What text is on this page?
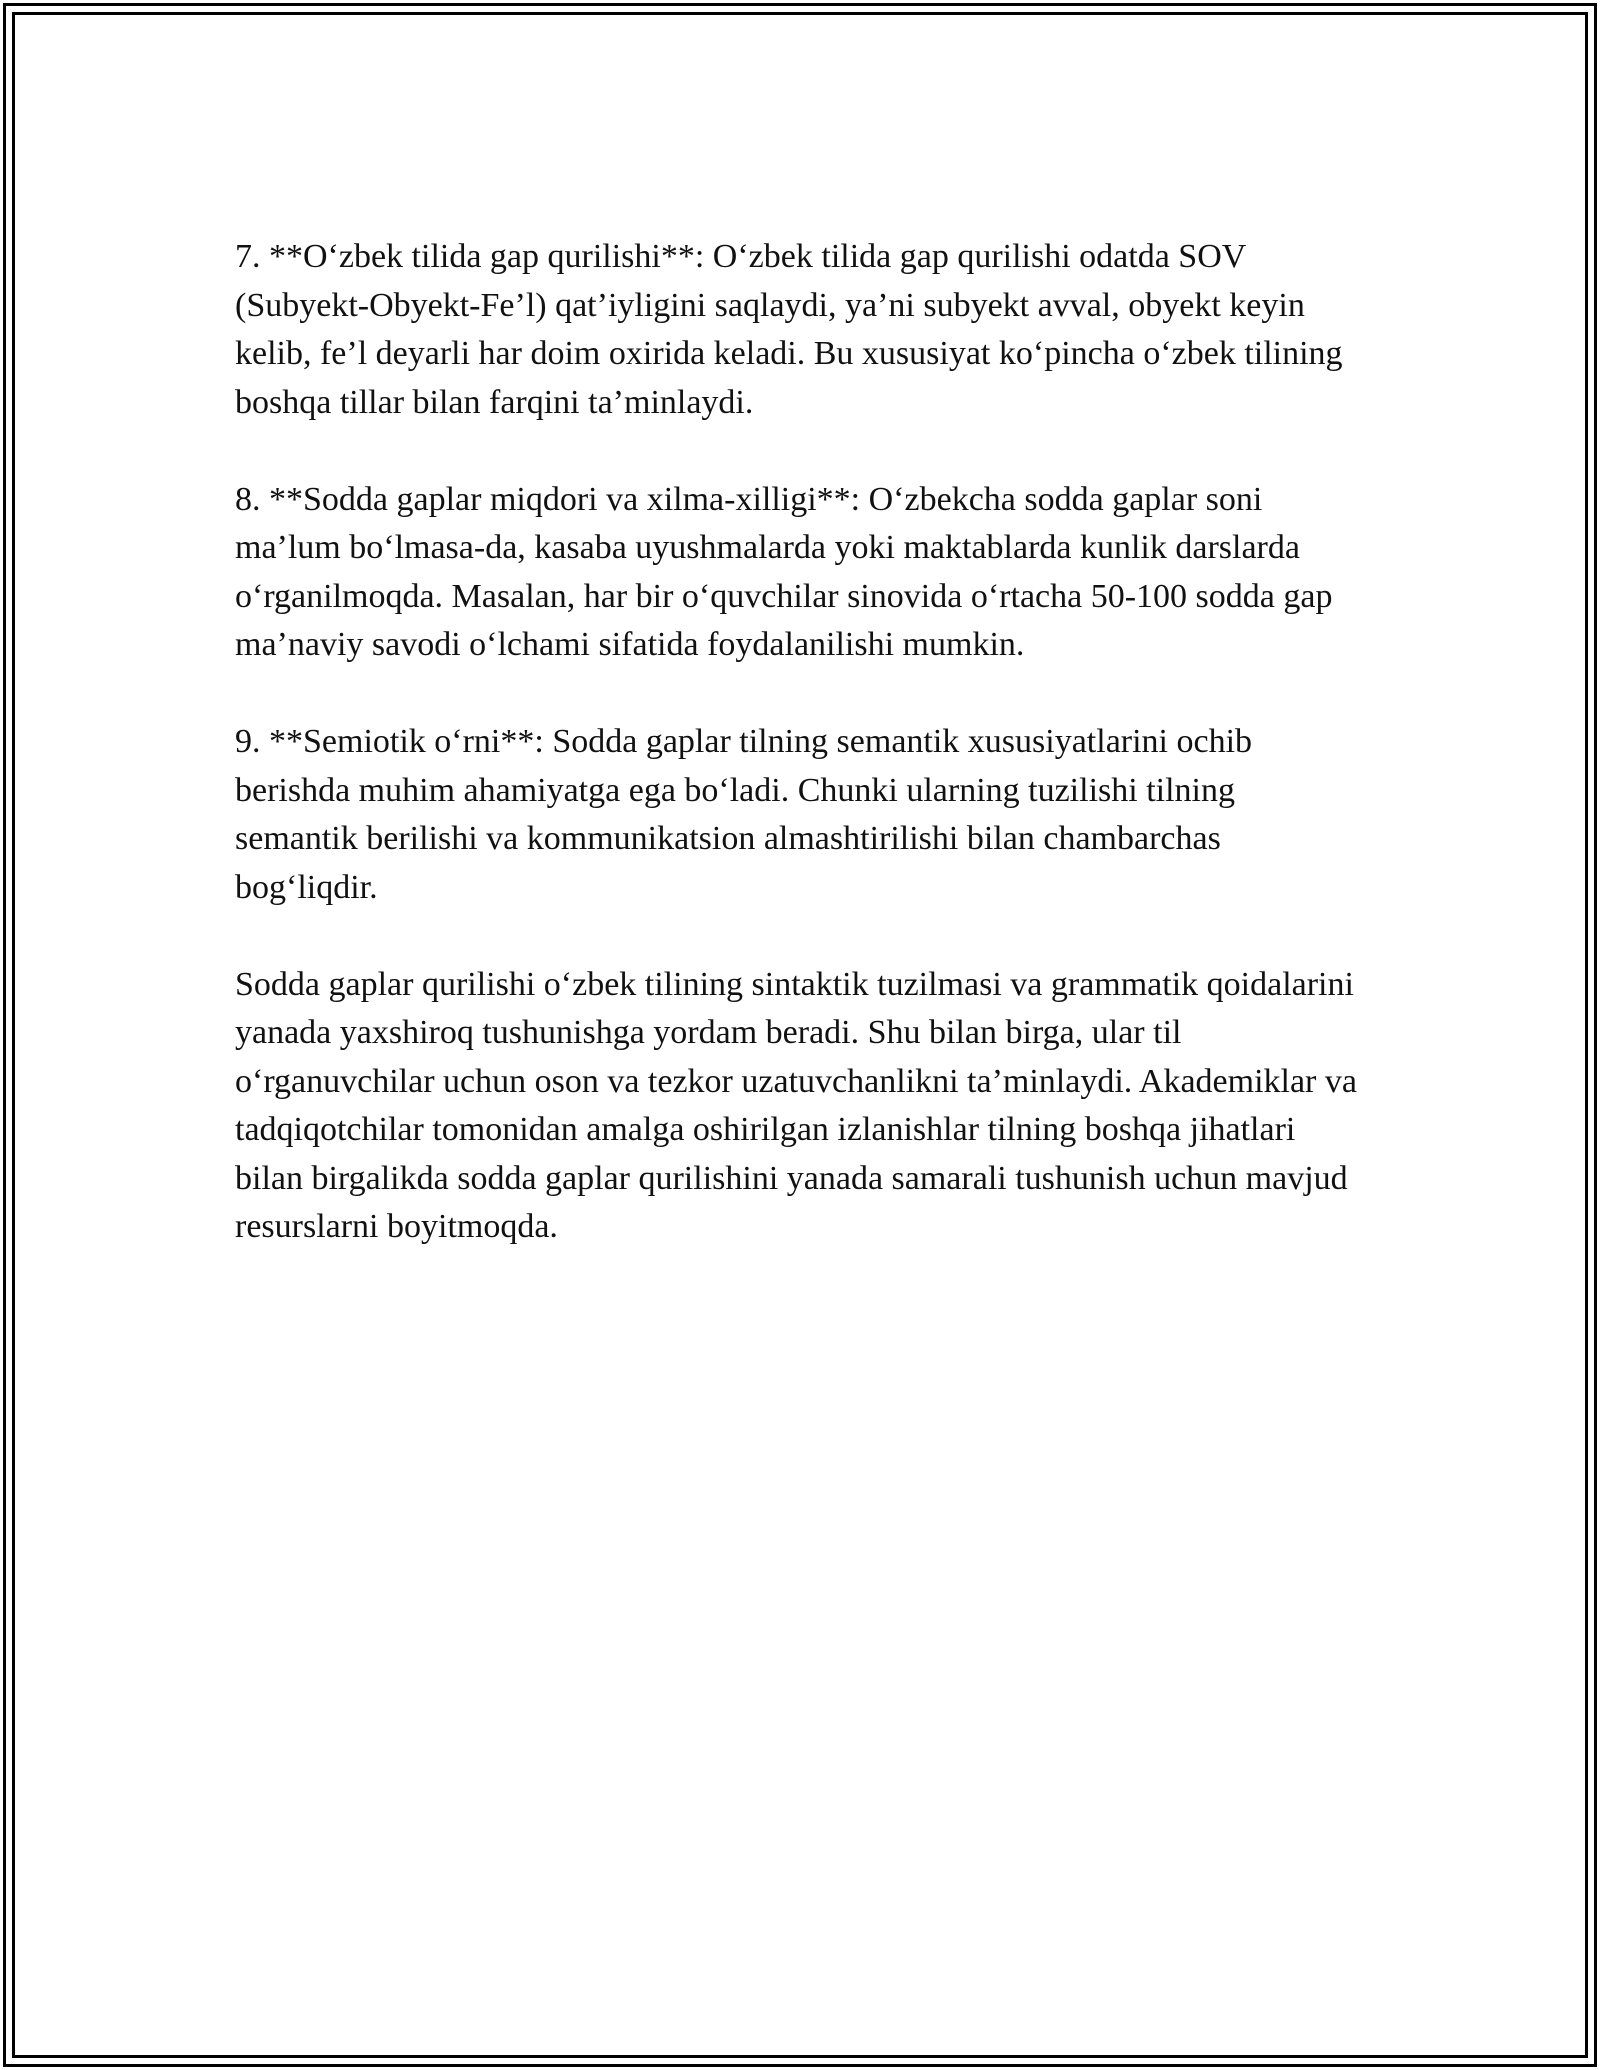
7. **O‘zbek tilida gap qurilishi**: O‘zbek tilida gap qurilishi odatda SOV (Subyekt-Obyekt-Fe’l) qat’iyligini saqlaydi, ya’ni subyekt avval, obyekt keyin kelib, fe’l deyarli har doim oxirida keladi. Bu xususiyat ko‘pincha o‘zbek tilining boshqa tillar bilan farqini ta’minlaydi.

8. **Sodda gaplar miqdori va xilma-xilligi**: O‘zbekcha sodda gaplar soni ma’lum bo‘lmasa-da, kasaba uyushmalarda yoki maktablarda kunlik darslarda o‘rganilmoqda. Masalan, har bir o‘quvchilar sinovida o‘rtacha 50-100 sodda gap ma’naviy savodi o‘lchami sifatida foydalanilishi mumkin.

9. **Semiotik o‘rni**: Sodda gaplar tilning semantik xususiyatlarini ochib berishda muhim ahamiyatga ega bo‘ladi. Chunki ularning tuzilishi tilning semantik berilishi va kommunikatsion almashtirilishi bilan chambarchas bog‘liqdir.

Sodda gaplar qurilishi o‘zbek tilining sintaktik tuzilmasi va grammatik qoidalarini yanada yaxshiroq tushunishga yordam beradi. Shu bilan birga, ular til o‘rganuvchilar uchun oson va tezkor uzatuvchanlikni ta’minlaydi. Akademiklar va tadqiqotchilar tomonidan amalga oshirilgan izlanishlar tilning boshqa jihatlari bilan birgalikda sodda gaplar qurilishini yanada samarali tushunish uchun mavjud resurslarni boyitmoqda.
